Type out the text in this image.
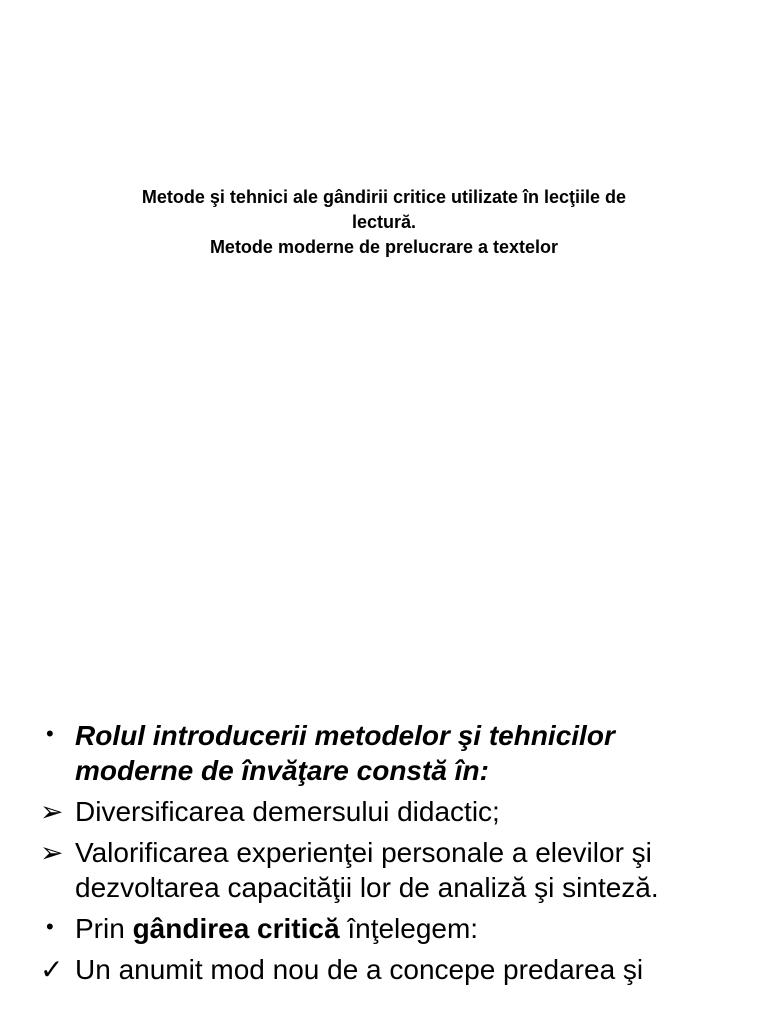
Metode şi tehnici ale gândirii critice utilizate în lecţiile de
lectură.
Metode moderne de prelucrare a textelor
• Rolul introducerii metodelor şi tehnicilor
moderne de învăţare constă în:
➢ Diversificarea demersului didactic;
➢ Valorificarea experienţei personale a elevilor şi
dezvoltarea capacităţii lor de analiză şi sinteză.
• Prin gândirea critică înţelegem:
✓ Un anumit mod nou de a concepe predarea şi
